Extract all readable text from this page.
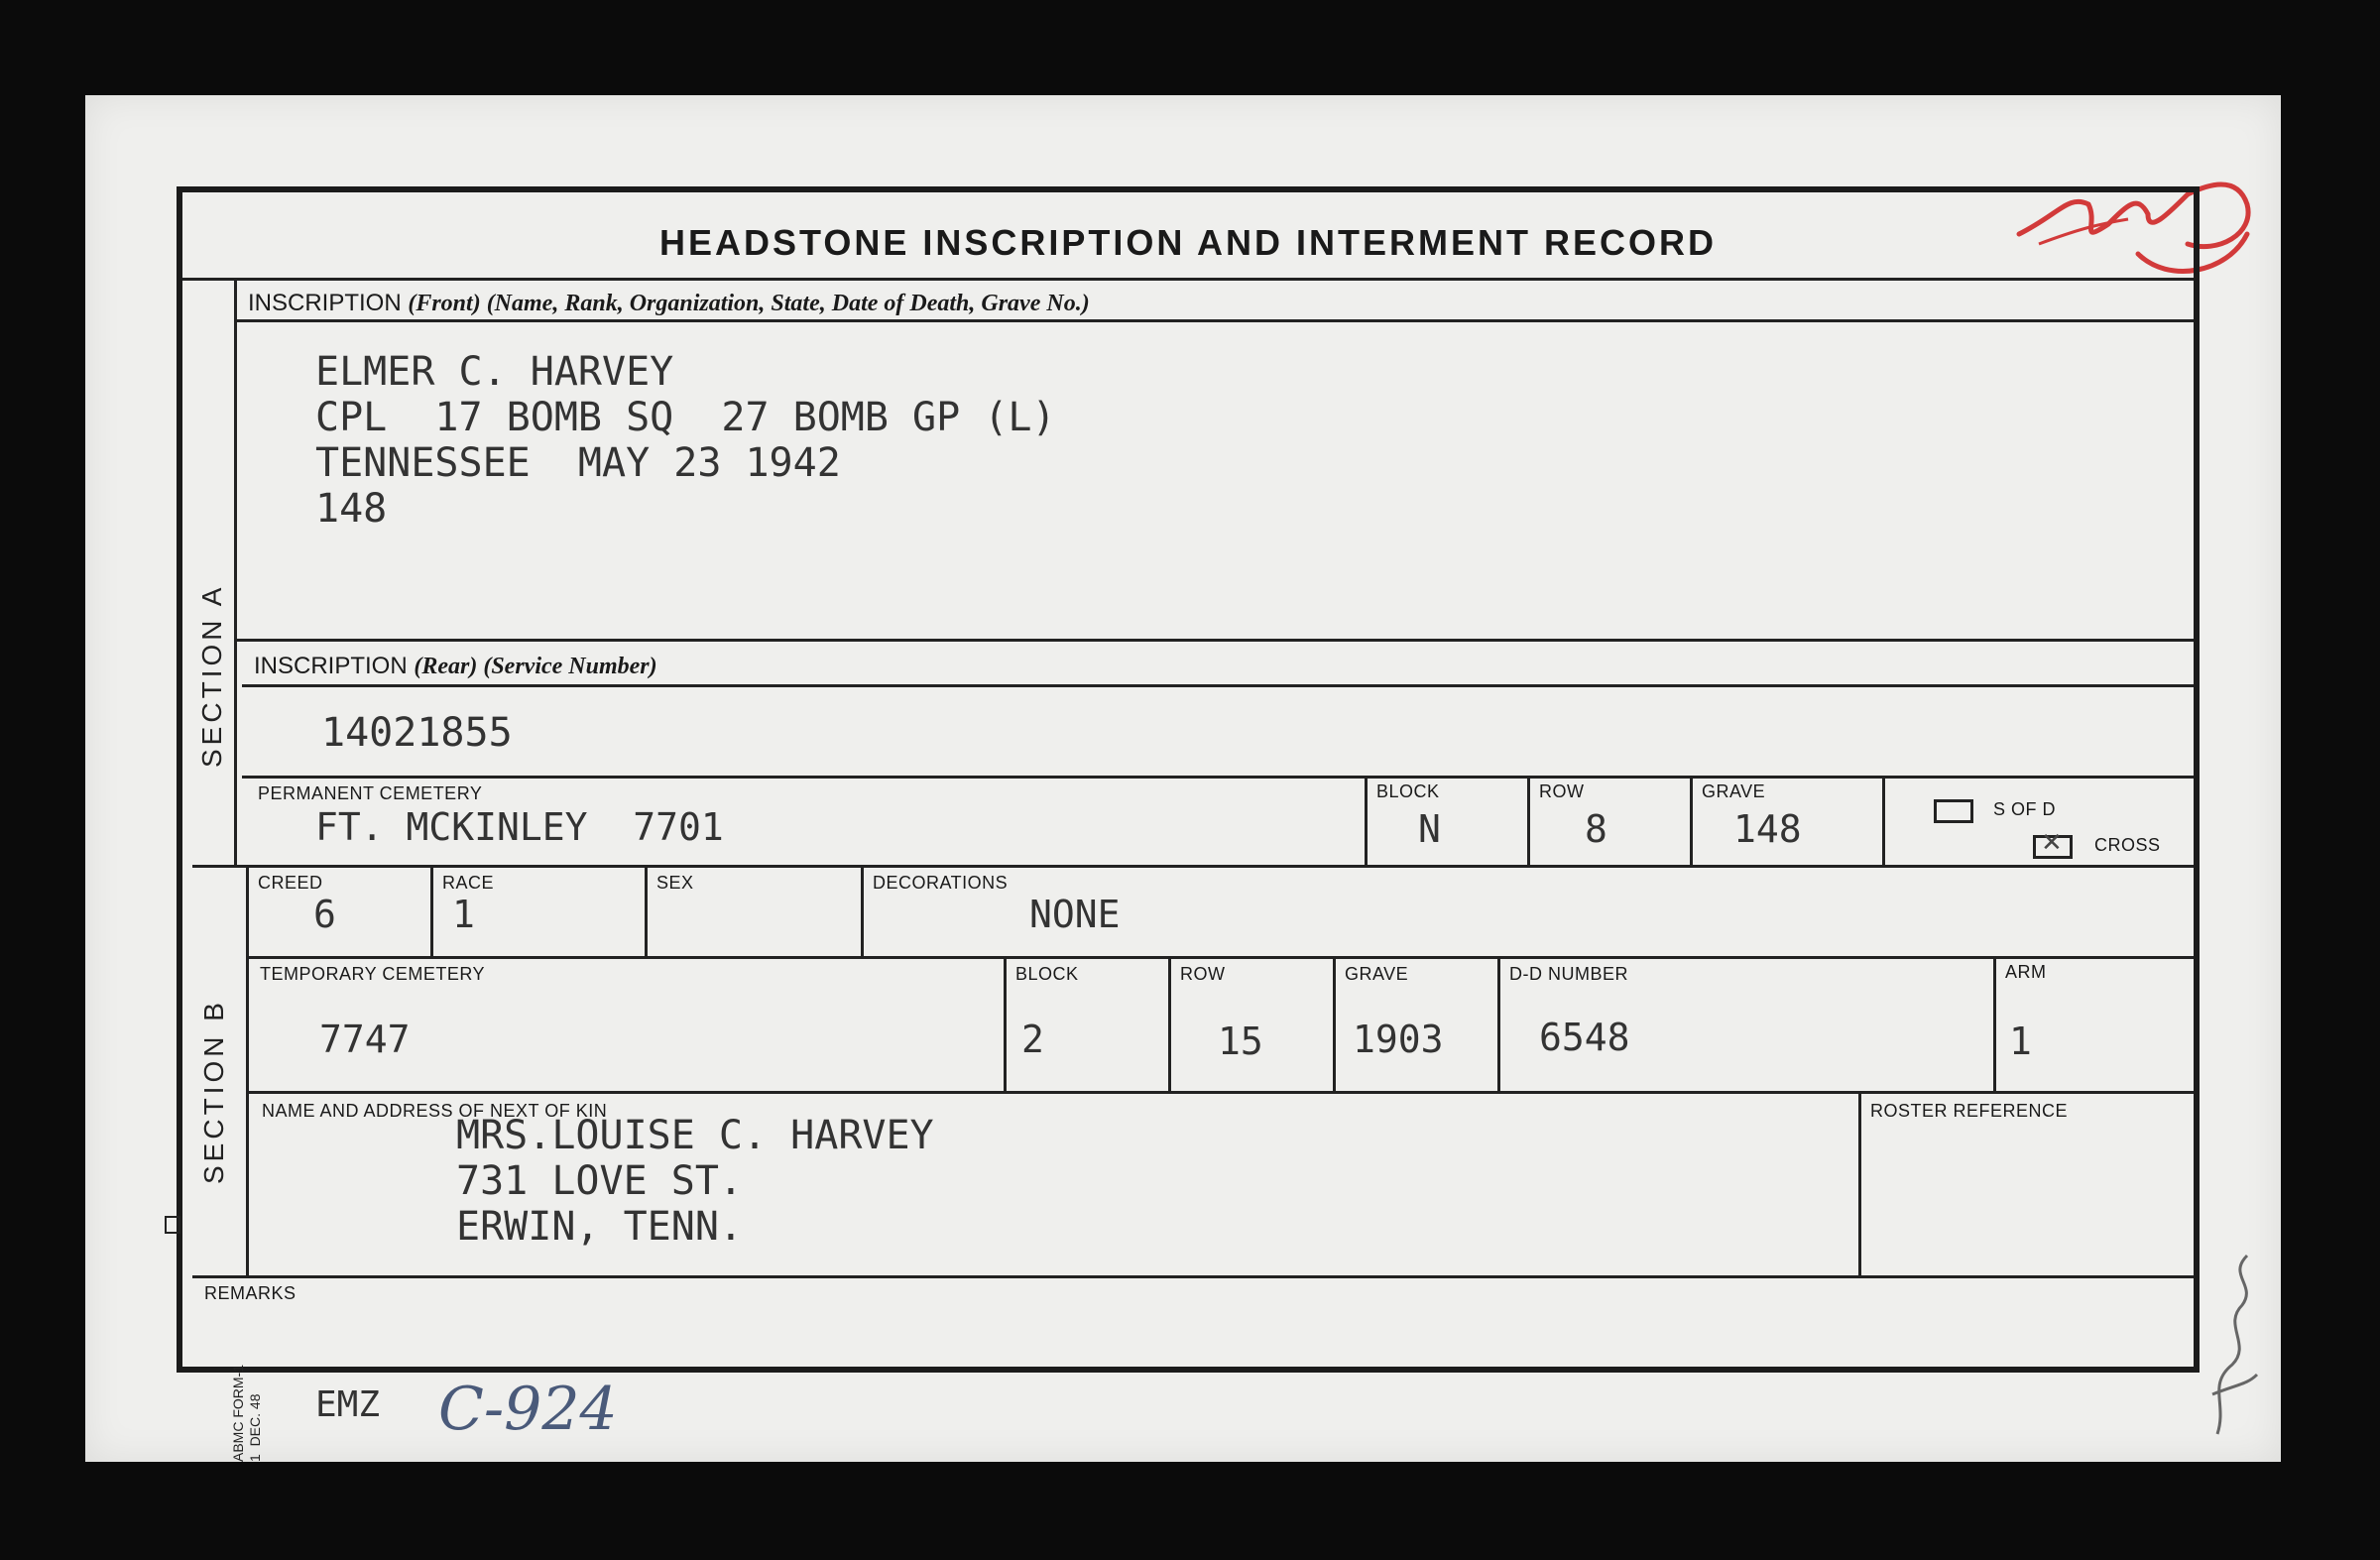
HEADSTONE INSCRIPTION AND INTERMENT RECORD
SECTION A
SECTION B
INSCRIPTION (Front) (Name, Rank, Organization, State, Date of Death, Grave No.)
ELMER C. HARVEY
CPL  17 BOMB SQ  27 BOMB GP (L)
TENNESSEE  MAY 23 1942
148
INSCRIPTION (Rear) (Service Number)
14021855
PERMANENT CEMETERY
FT. MCKINLEY  7701
BLOCK
N
ROW
8
GRAVE
148	S OF D
✕ CROSS
CREED
6
RACE
1
SEX	DECORATIONS
NONE
TEMPORARY CEMETERY
7747
BLOCK
2
ROW
15
GRAVE
1903
D-D NUMBER
6548
ARM
1
NAME AND ADDRESS OF NEXT OF KIN
MRS.LOUISE C. HARVEY
731 LOVE ST.
ERWIN, TENN.
ROSTER REFERENCE
REMARKS
ABMC FORM-1
1  DEC. 48 EMZ C-924
